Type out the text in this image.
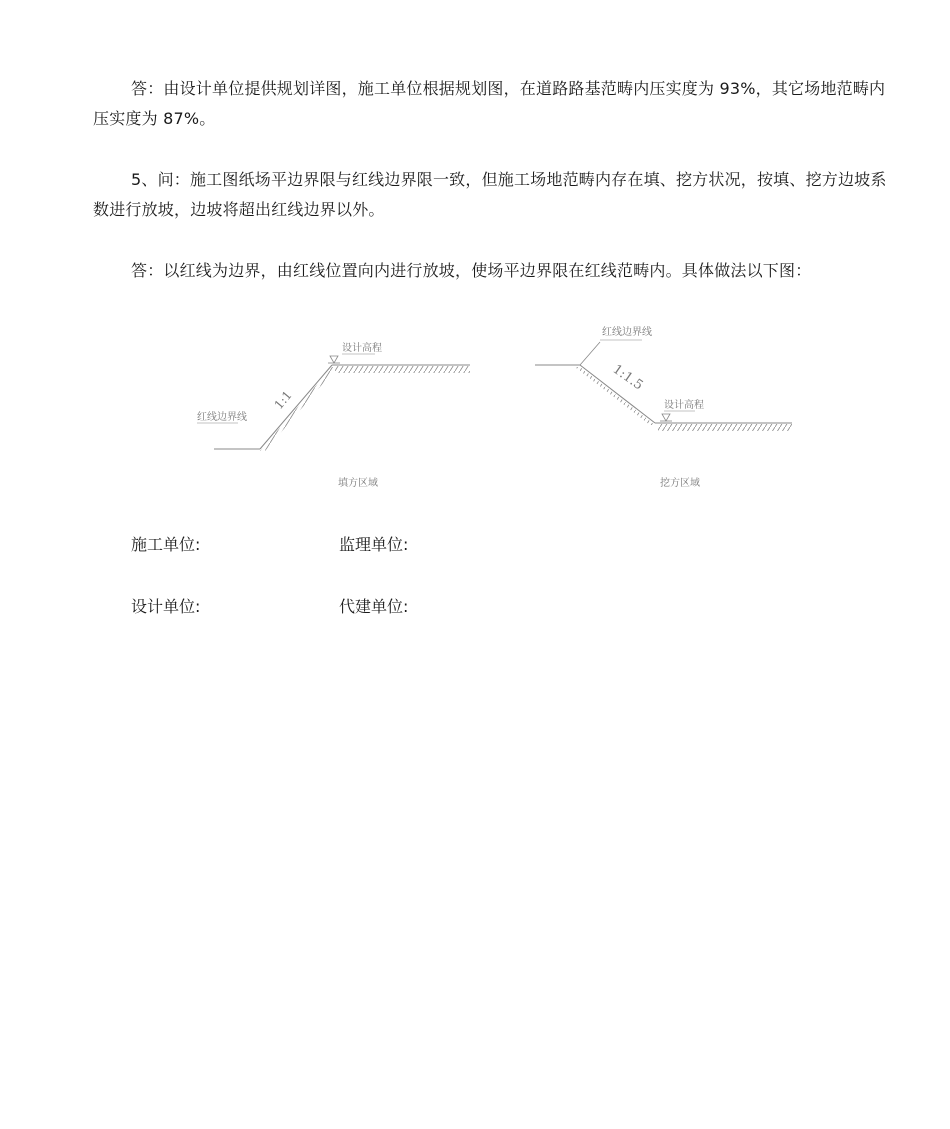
答：由设计单位提供规划详图，施工单位根据规划图，在道路路基范畴内压实度为 93%，其它场地范畴内压实度为 87%。

5、问：施工图纸场平边界限与红线边界限一致，但施工场地范畴内存在填、挖方状况，按填、挖方边坡系数进行放坡，边坡将超出红线边界以外。

答：以红线为边界，由红线位置向内进行放坡，使场平边界限在红线范畴内。具体做法以下图：

设计高程
红线边界线
1:1
填方区域
红线边界线
1:1.5
设计高程
挖方区域
施工单位:	监理单位:
设计单位:	代建单位:
